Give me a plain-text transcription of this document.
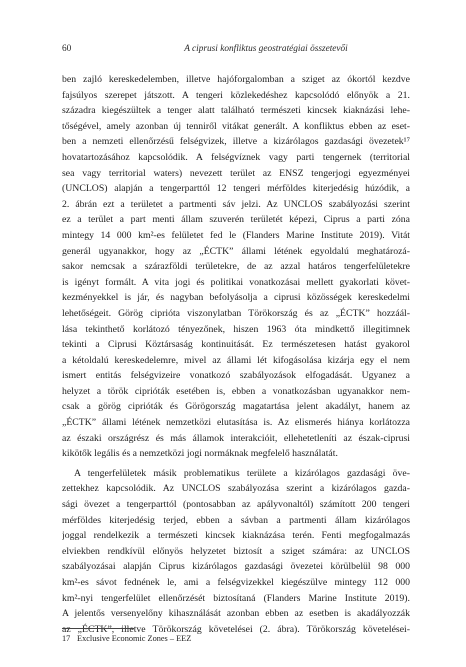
60	A ciprusi konfliktus geostratégiai összetevői
ben zajló kereskedelemben, illetve hajóforgalomban a sziget az ókortól kezdve
fajsúlyos szerepet játszott. A tengeri közlekedéshez kapcsolódó előnyök a 21.
századra kiegészültek a tenger alatt található természeti kincsek kiaknázási lehe-
tőségével, amely azonban új tenniről vitákat generált. A konfliktus ebben az eset-
ben a nemzeti ellenőrzésű felségvizek, illetve a kizárólagos gazdasági övezetek¹⁷
hovatartozásához kapcsolódik. A felségvíznek vagy parti tengernek (territorial
sea vagy territorial waters) nevezett terület az ENSZ tengerjogi egyezményei
(UNCLOS) alapján a tengerparttól 12 tengeri mérföldes kiterjedésig húzódik, a
2. ábrán ezt a területet a partmenti sáv jelzi. Az UNCLOS szabályozási szerint
ez a terület a part menti állam szuverén területét képezi, Ciprus a parti zóna
mintegy 14 000 km²-es felületet fed le (Flanders Marine Institute 2019). Vitát
generál ugyanakkor, hogy az „ÉCTK” állami létének egyoldalú meghatározá-
sakor nemcsak a szárazföldi területekre, de az azzal határos tengerfelületekre
is igényt formált. A vita jogi és politikai vonatkozásai mellett gyakorlati követ-
kezményekkel is jár, és nagyban befolyásolja a ciprusi közösségek kereskedelmi
lehetőségeit. Görög ciprióta viszonylatban Törökország és az „ÉCTK” hozzáál-
lása tekinthető korlátozó tényezőnek, hiszen 1963 óta mindkettő illegitimnek
tekinti a Ciprusi Köztársaság kontinuitását. Ez természetesen hatást gyakorol
a kétoldalú kereskedelemre, mivel az állami lét kifogásolása kizárja egy el nem
ismert entitás felségvizeire vonatkozó szabályozások elfogadását. Ugyanez a
helyzet a török ciprióták esetében is, ebben a vonatkozásban ugyanakkor nem-
csak a görög ciprióták és Görögország magatartása jelent akadályt, hanem az
„ÉCTK” állami létének nemzetközi elutasítása is. Az elismerés hiánya korlátozza
az északi országrész és más államok interakcióit, ellehetetleníti az észak-ciprusi
kikötők legális és a nemzetközi jogi normáknak megfelelő használatát.
A tengerfelületek másik problematikus területe a kizárólagos gazdasági öve-
zettekhez kapcsolódik. Az UNCLOS szabályozása szerint a kizárólagos gazda-
sági övezet a tengerparttól (pontosabban az apályvonaltól) számított 200 tengeri
mérföldes kiterjedésig terjed, ebben a sávban a partmenti állam kizárólagos
joggal rendelkezik a természeti kincsek kiaknázása terén. Fenti megfogalmazás
elviekben rendkívül előnyös helyzetet biztosít a sziget számára: az UNCLOS
szabályozásai alapján Ciprus kizárólagos gazdasági övezetei körülbelül 98 000
km²-es sávot fednének le, ami a felségvizekkel kiegészülve mintegy 112 000
km²-nyi tengerfelület ellenőrzését biztosítaná (Flanders Marine Institute 2019).
A jelentős versenyelőny kihasználását azonban ebben az esetben is akadályozzák
az „ÉCTK”, illetve Törökország követelései (2. ábra). Törökország követelései-
17 Exclusive Economic Zones – EEZ
